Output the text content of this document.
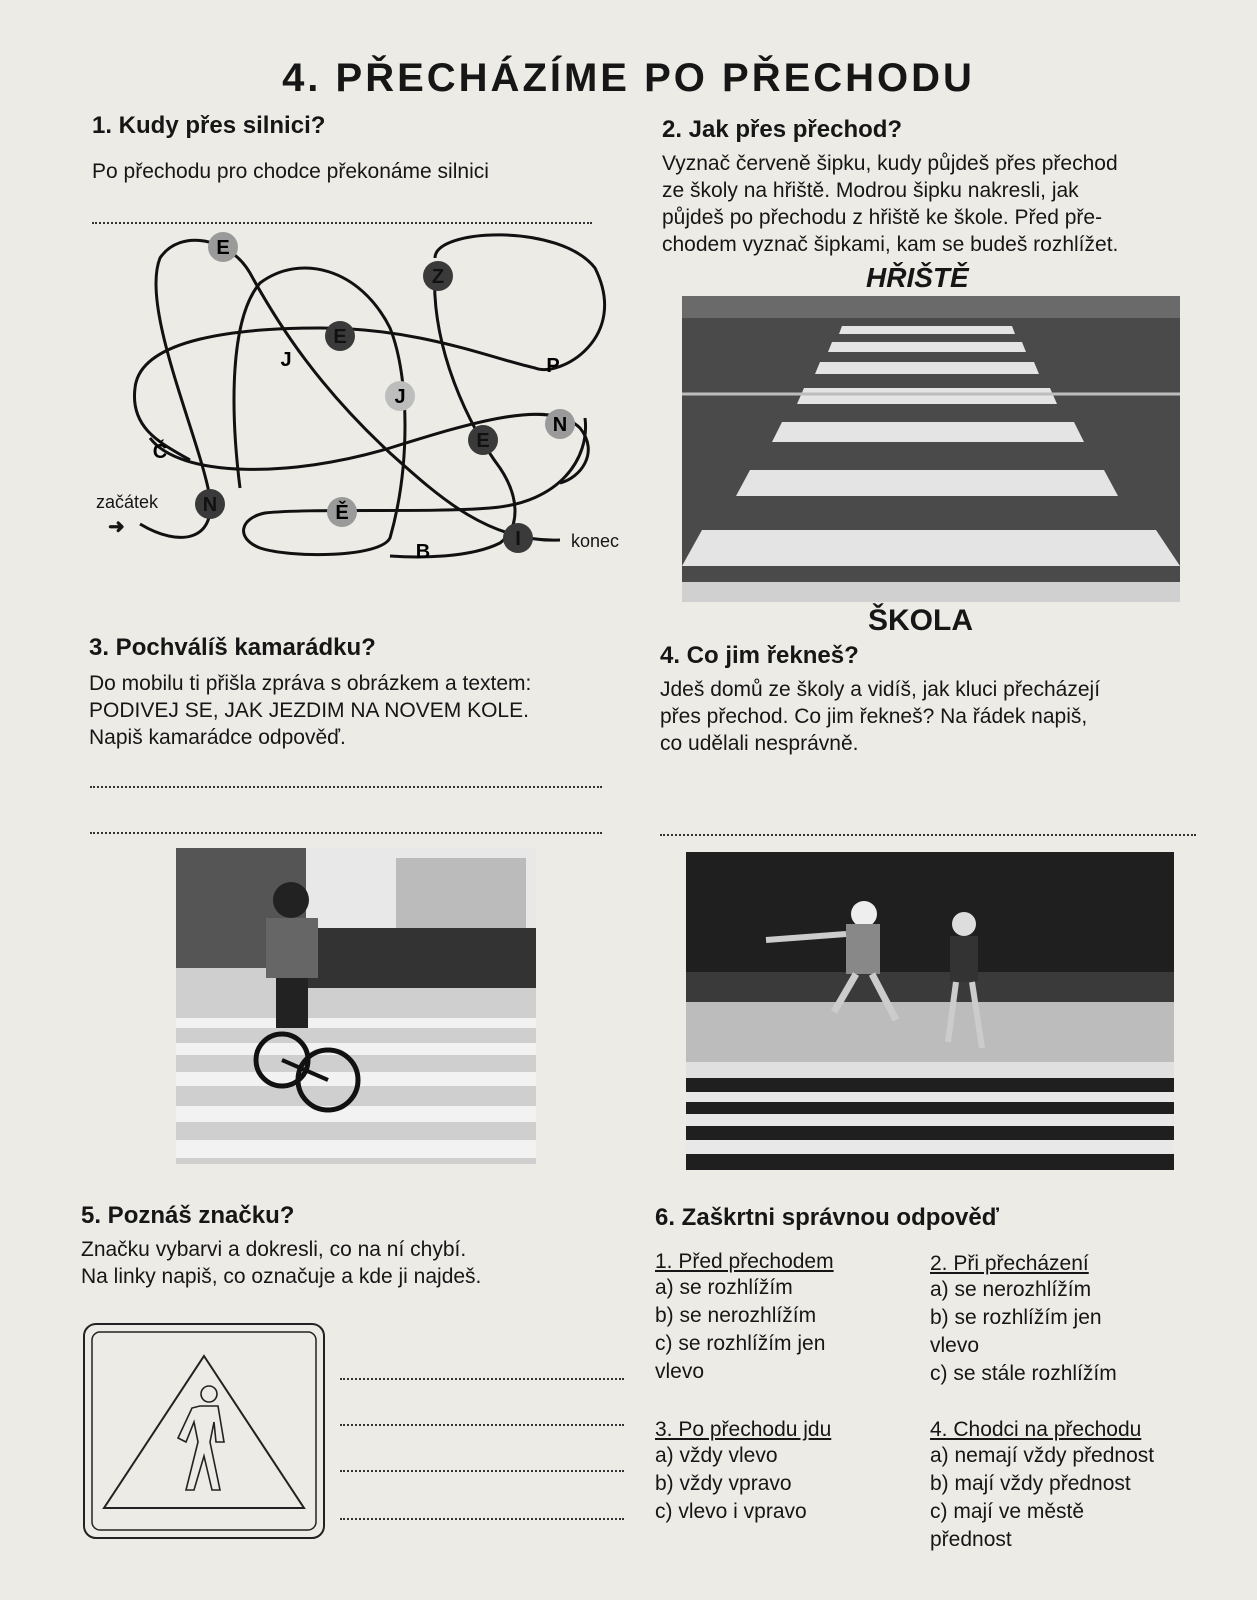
4. PŘECHÁZÍME PO PŘECHODU
1. Kudy přes silnici?
Po přechodu pro chodce překonáme silnici
E
Z
E
J	P
J
N
Č	E
N	Ě
I
B
začátek
➜
konec
2. Jak přes přechod?
Vyznač červeně šipku, kudy půjdeš přes přechod
ze školy na hřiště. Modrou šipku nakresli, jak
půjdeš po přechodu z hřiště ke škole. Před pře-
chodem vyznač šipkami, kam se budeš rozhlížet.
HŘIŠTĚ
ŠKOLA
3. Pochválíš kamarádku?
Do mobilu ti přišla zpráva s obrázkem a textem:
PODIVEJ SE, JAK JEZDIM NA NOVEM KOLE.
Napiš kamarádce odpověď.
4. Co jim řekneš?
Jdeš domů ze školy a vidíš, jak kluci přecházejí
přes přechod. Co jim řekneš? Na řádek napiš,
co udělali nesprávně.
5. Poznáš značku?
Značku vybarvi a dokresli, co na ní chybí.
Na linky napiš, co označuje a kde ji najdeš.
6. Zaškrtni správnou odpověď
1. Před přechodem
a) se rozhlížím
b) se nerozhlížím
c) se rozhlížím jen
vlevo
2. Při přecházení
a) se nerozhlížím
b) se rozhlížím jen
vlevo
c) se stále rozhlížím
3. Po přechodu jdu
a) vždy vlevo
b) vždy vpravo
c) vlevo i vpravo
4. Chodci na přechodu
a) nemají vždy přednost
b) mají vždy přednost
c) mají ve městě
přednost
